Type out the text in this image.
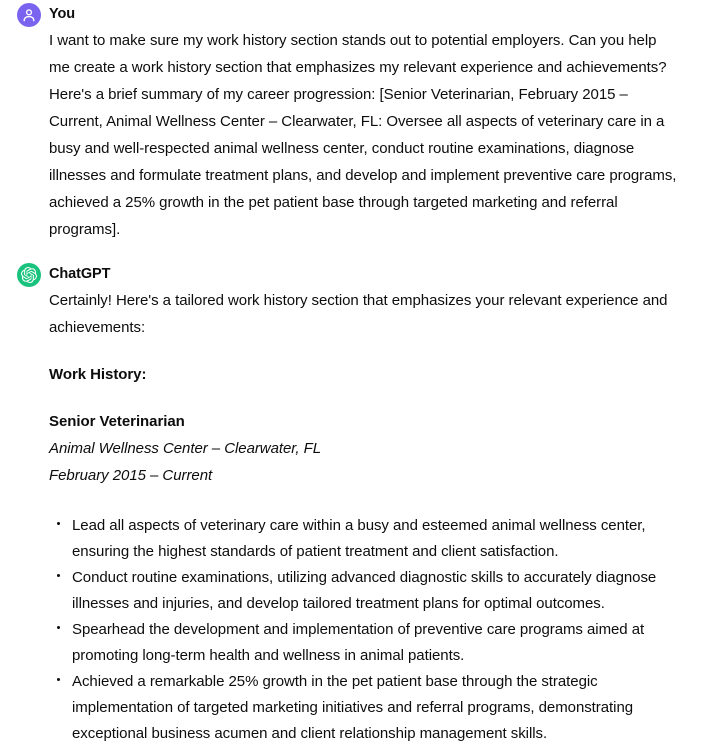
You

I want to make sure my work history section stands out to potential employers. Can you help me create a work history section that emphasizes my relevant experience and achievements? Here's a brief summary of my career progression: [Senior Veterinarian, February 2015 – Current, Animal Wellness Center – Clearwater, FL: Oversee all aspects of veterinary care in a busy and well-respected animal wellness center, conduct routine examinations, diagnose illnesses and formulate treatment plans, and develop and implement preventive care programs, achieved a 25% growth in the pet patient base through targeted marketing and referral programs].

ChatGPT

Certainly! Here's a tailored work history section that emphasizes your relevant experience and achievements:

Work History:

Senior Veterinarian

Animal Wellness Center – Clearwater, FL

February 2015 – Current

Lead all aspects of veterinary care within a busy and esteemed animal wellness center, ensuring the highest standards of patient treatment and client satisfaction.
Conduct routine examinations, utilizing advanced diagnostic skills to accurately diagnose illnesses and injuries, and develop tailored treatment plans for optimal outcomes.
Spearhead the development and implementation of preventive care programs aimed at promoting long-term health and wellness in animal patients.
Achieved a remarkable 25% growth in the pet patient base through the strategic implementation of targeted marketing initiatives and referral programs, demonstrating exceptional business acumen and client relationship management skills.
